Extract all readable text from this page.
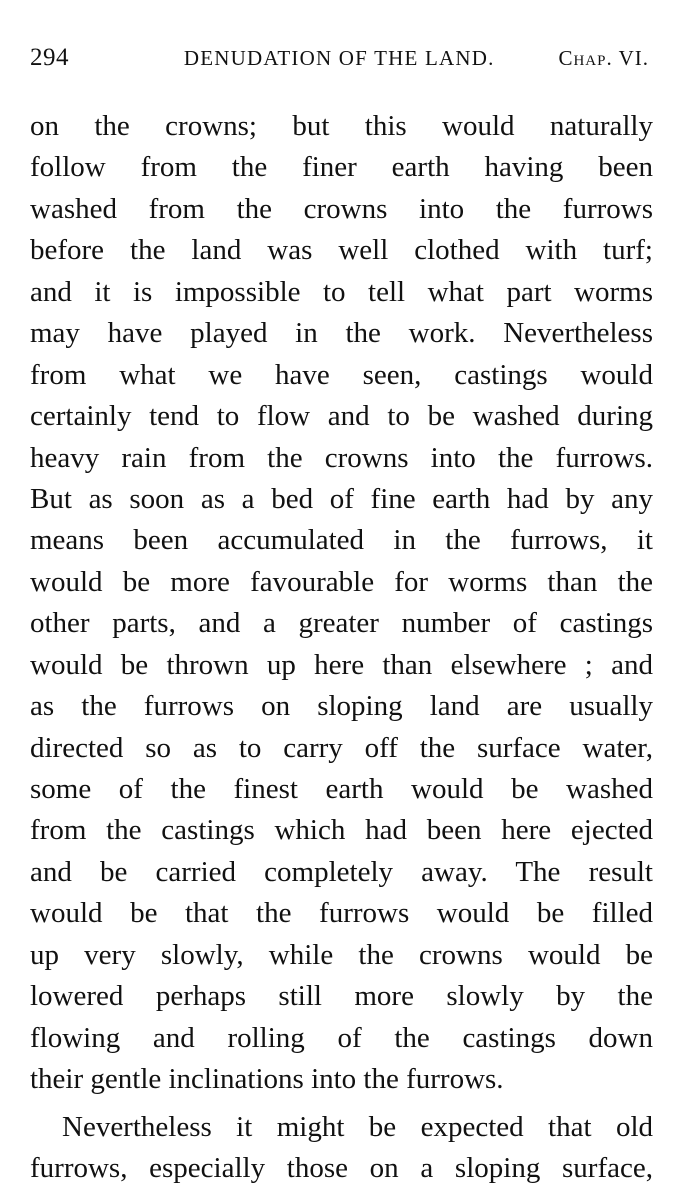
294	DENUDATION OF THE LAND.	Chap. VI.
on the crowns; but this would naturally
follow from the finer earth having been
washed from the crowns into the furrows
before the land was well clothed with turf;
and it is impossible to tell what part worms
may have played in the work. Nevertheless
from what we have seen, castings would
certainly tend to flow and to be washed during
heavy rain from the crowns into the furrows.
But as soon as a bed of fine earth had by any
means been accumulated in the furrows, it
would be more favourable for worms than the
other parts, and a greater number of castings
would be thrown up here than elsewhere ; and
as the furrows on sloping land are usually
directed so as to carry off the surface water,
some of the finest earth would be washed
from the castings which had been here ejected
and be carried completely away. The result
would be that the furrows would be filled
up very slowly, while the crowns would be
lowered perhaps still more slowly by the
flowing and rolling of the castings down
their gentle inclinations into the furrows.
Nevertheless it might be expected that old
furrows, especially those on a sloping surface,
